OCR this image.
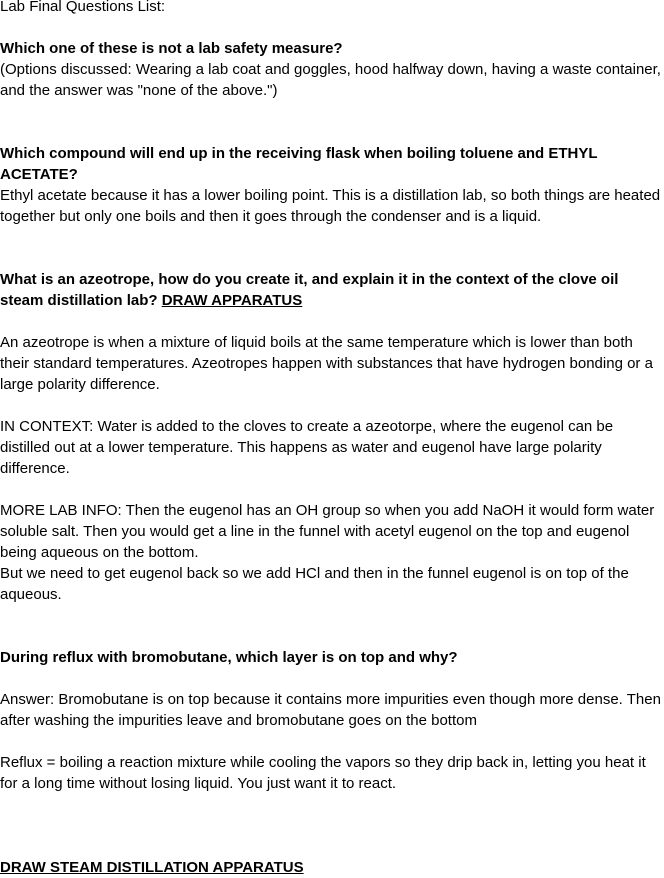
Lab Final Questions List:

Which one of these is not a lab safety measure?

(Options discussed: Wearing a lab coat and goggles, hood halfway down, having a waste container, and the answer was "none of the above.")

Which compound will end up in the receiving flask when boiling toluene and ETHYL ACETATE?

Ethyl acetate because it has a lower boiling point. This is a distillation lab, so both things are heated together but only one boils and then it goes through the condenser and is a liquid.

What is an azeotrope, how do you create it, and explain it in the context of the clove oil steam distillation lab? DRAW APPARATUS

An azeotrope is when a mixture of liquid boils at the same temperature which is lower than both their standard temperatures. Azeotropes happen with substances that have hydrogen bonding or a large polarity difference.

IN CONTEXT: Water is added to the cloves to create a azeotorpe, where the eugenol can be distilled out at a lower temperature. This happens as water and eugenol have large polarity difference.

MORE LAB INFO: Then the eugenol has an OH group so when you add NaOH it would form water soluble salt. Then you would get a line in the funnel with acetyl eugenol on the top and eugenol being aqueous on the bottom.

But we need to get eugenol back so we add HCl and then in the funnel eugenol is on top of the aqueous.

During reflux with bromobutane, which layer is on top and why?

Answer: Bromobutane is on top because it contains more impurities even though more dense. Then after washing the impurities leave and bromobutane goes on the bottom

Reflux = boiling a reaction mixture while cooling the vapors so they drip back in, letting you heat it for a long time without losing liquid. You just want it to react.

DRAW STEAM DISTILLATION APPARATUS
